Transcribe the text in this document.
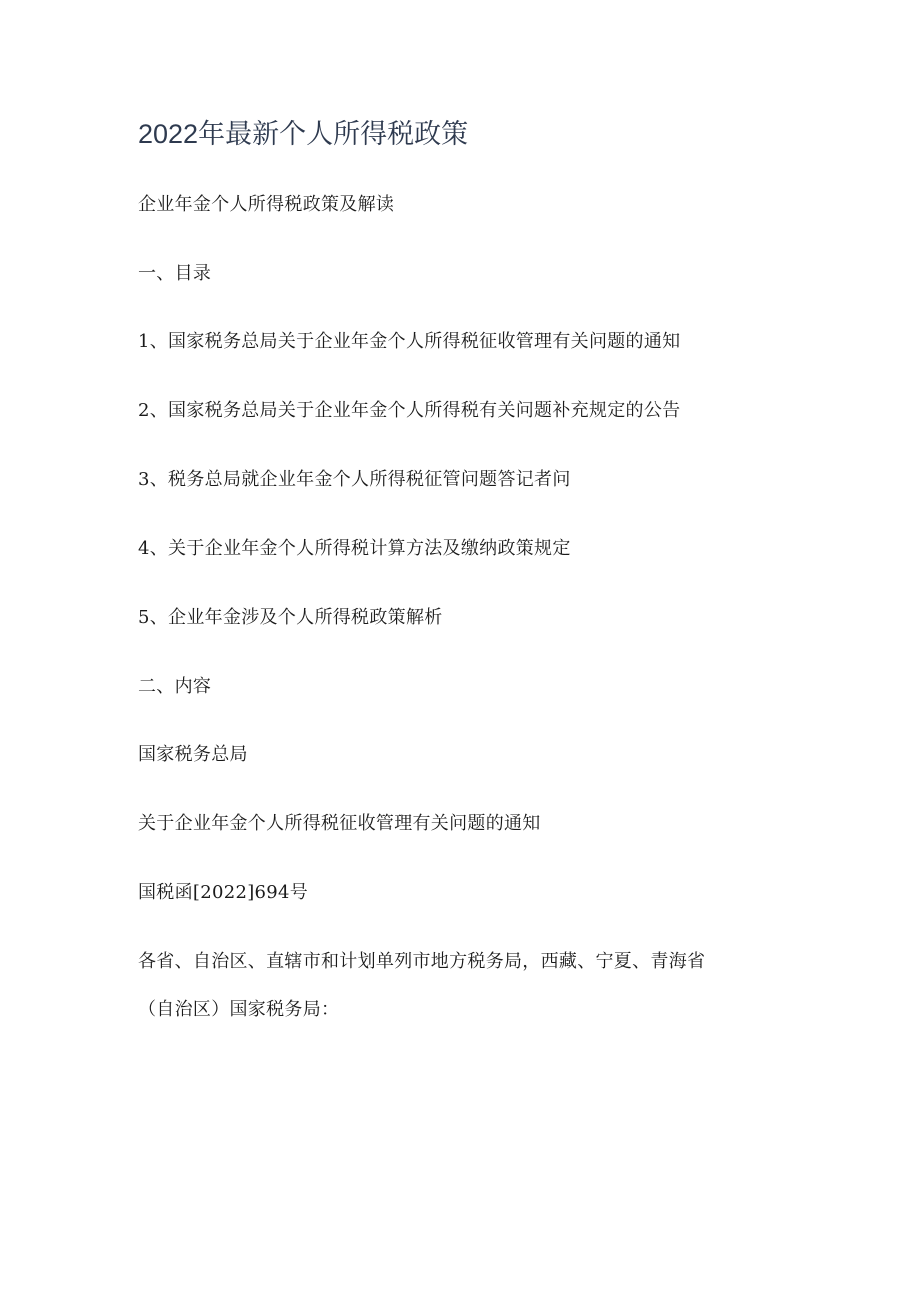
2022年最新个人所得税政策
企业年金个人所得税政策及解读
一、目录
1、国家税务总局关于企业年金个人所得税征收管理有关问题的通知
2、国家税务总局关于企业年金个人所得税有关问题补充规定的公告
3、税务总局就企业年金个人所得税征管问题答记者问
4、关于企业年金个人所得税计算方法及缴纳政策规定
5、企业年金涉及个人所得税政策解析
二、内容
国家税务总局
关于企业年金个人所得税征收管理有关问题的通知
国税函[2022]694号
各省、自治区、直辖市和计划单列市地方税务局，西藏、宁夏、青海省
（自治区）国家税务局：
